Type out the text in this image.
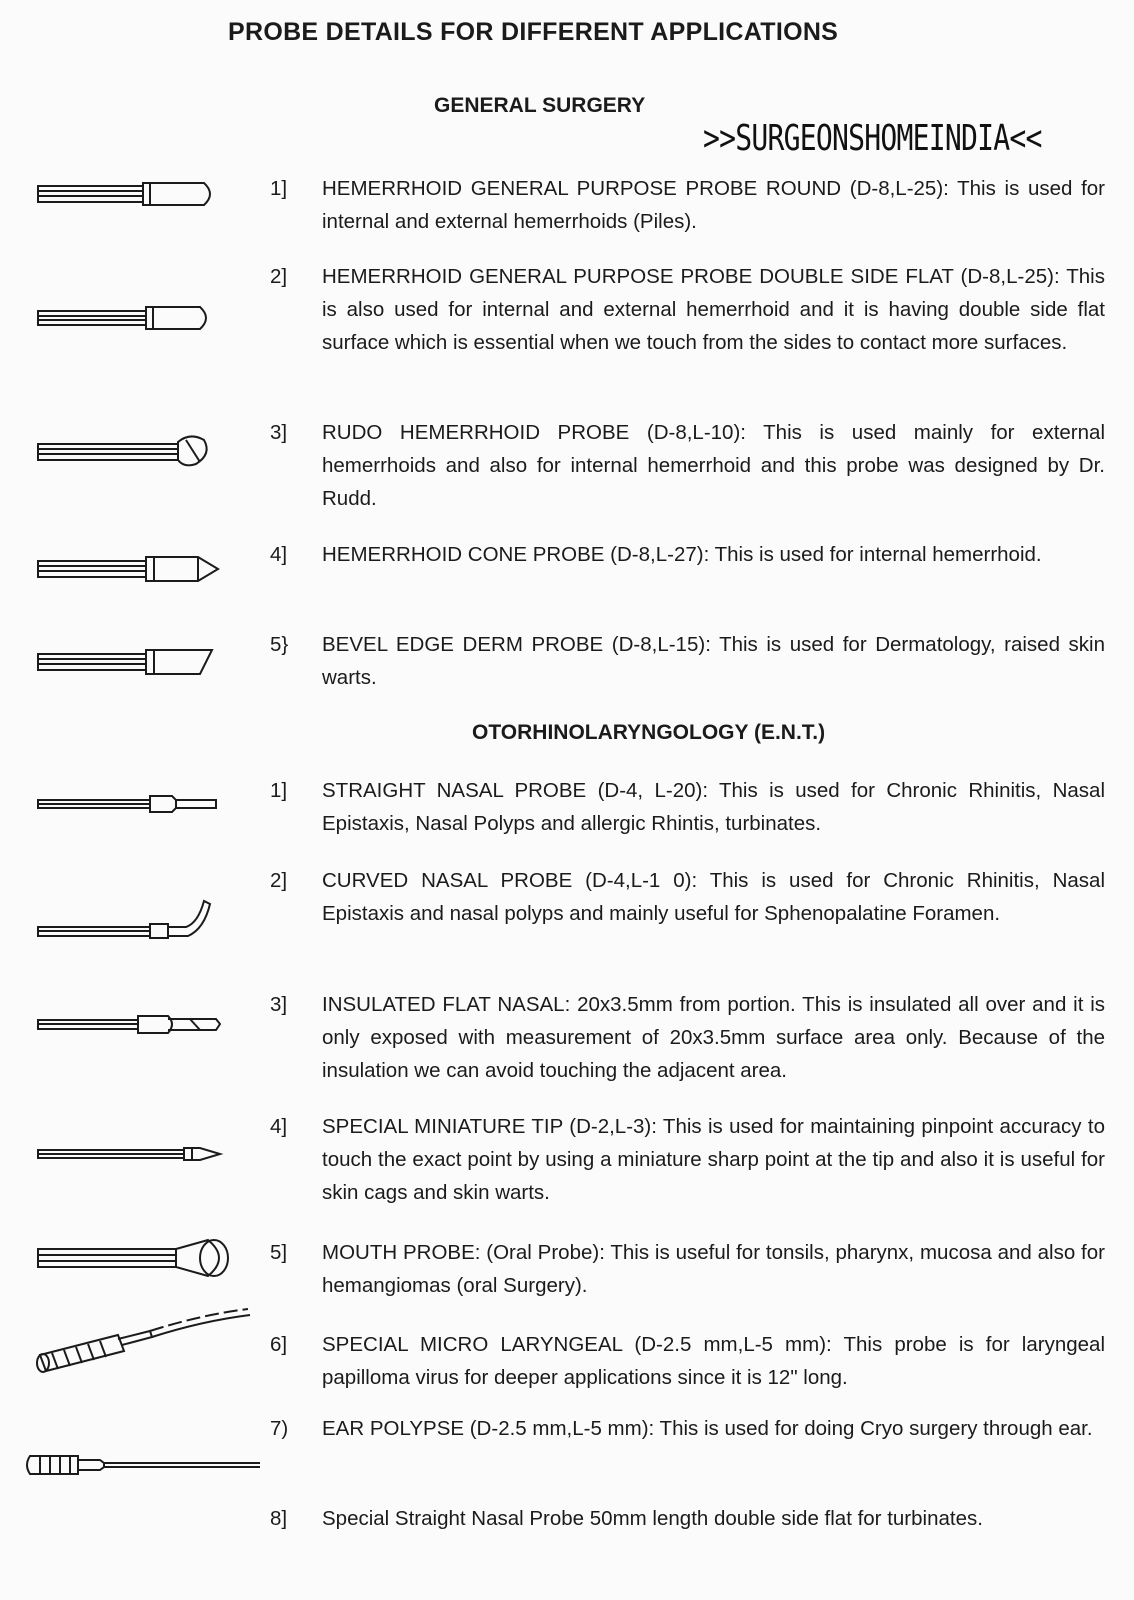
PROBE DETAILS FOR DIFFERENT APPLICATIONS
GENERAL SURGERY
>>SURGEONSHOMEINDIA<<
1]	HEMERRHOID GENERAL PURPOSE PROBE ROUND (D-8,L-25): This is used for internal and external hemerrhoids (Piles).
2]	HEMERRHOID GENERAL PURPOSE PROBE DOUBLE SIDE FLAT (D-8,L-25): This is also used for internal and external hemerrhoid and it is having double side flat surface which is essential when we touch from the sides to contact more surfaces.
3]	RUDO HEMERRHOID PROBE (D-8,L-10): This is used mainly for external hemerrhoids and also for internal hemerrhoid and this probe was designed by Dr. Rudd.
4]	HEMERRHOID CONE PROBE (D-8,L-27): This is used for internal hemerrhoid.
5}	BEVEL EDGE DERM PROBE (D-8,L-15): This is used for Dermatology, raised skin warts.
OTORHINOLARYNGOLOGY (E.N.T.)
1]	STRAIGHT NASAL PROBE (D-4, L-20): This is used for Chronic Rhinitis, Nasal Epistaxis, Nasal Polyps and allergic Rhintis, turbinates.
2]	CURVED NASAL PROBE (D-4,L-1 0): This is used for Chronic Rhinitis, Nasal Epistaxis and nasal polyps and mainly useful for Sphenopalatine Foramen.
3]	INSULATED FLAT NASAL: 20x3.5mm from portion. This is insulated all over and it is only exposed with measurement of 20x3.5mm surface area only. Because of the insulation we can avoid touching the adjacent area.
4]	SPECIAL MINIATURE TIP (D-2,L-3): This is used for maintaining pinpoint accuracy to touch the exact point by using a miniature sharp point at the tip and also it is useful for skin cags and skin warts.
5]	MOUTH PROBE: (Oral Probe): This is useful for tonsils, pharynx, mucosa and also for hemangiomas (oral Surgery).
6]	SPECIAL MICRO LARYNGEAL (D-2.5 mm,L-5 mm): This probe is for laryngeal papilloma virus for deeper applications since it is 12" long.
7)	EAR POLYPSE (D-2.5 mm,L-5 mm): This is used for doing Cryo surgery through ear.
8]	Special Straight Nasal Probe 50mm length double side flat for turbinates.
